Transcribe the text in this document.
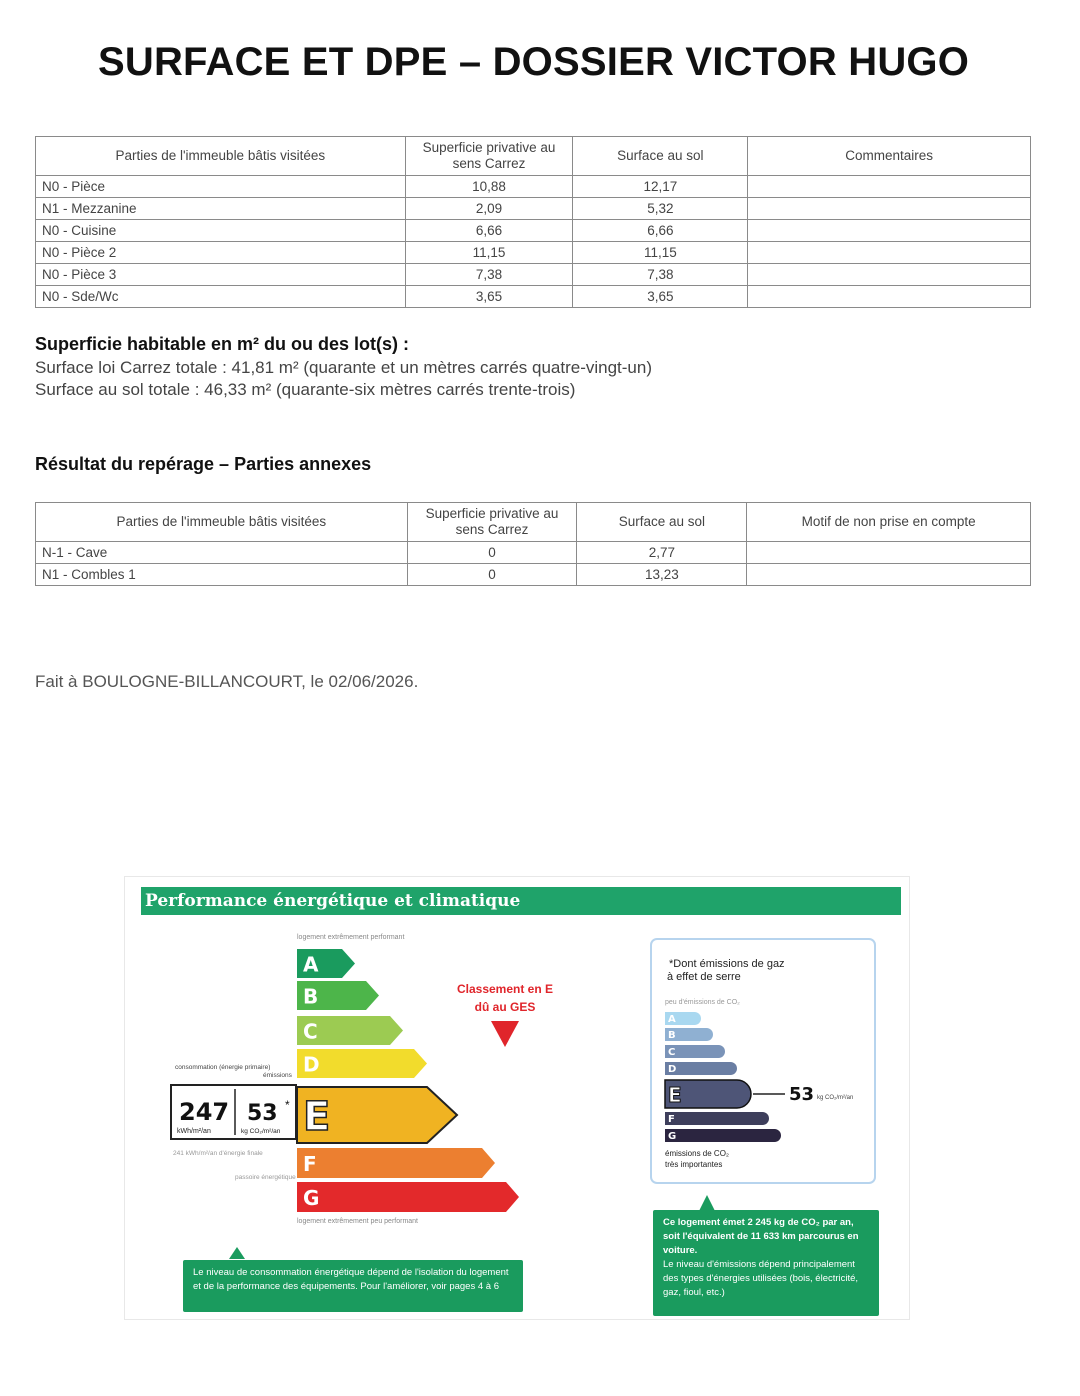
SURFACE ET DPE – DOSSIER VICTOR HUGO
Parties de l'immeuble bâtis visitées	Superficie privative au sens Carrez	Surface au sol	Commentaires
N0 - Pièce	10,88	12,17	
N1 - Mezzanine	2,09	5,32	
N0 - Cuisine	6,66	6,66	
N0 - Pièce 2	11,15	11,15	
N0 - Pièce 3	7,38	7,38	
N0 - Sde/Wc	3,65	3,65	
Superficie habitable en m² du ou des lot(s) :
Surface loi Carrez totale : 41,81 m² (quarante et un mètres carrés quatre-vingt-un)
Surface au sol totale : 46,33 m² (quarante-six mètres carrés trente-trois)
Résultat du repérage – Parties annexes
Parties de l'immeuble bâtis visitées	Superficie privative au sens Carrez	Surface au sol	Motif de non prise en compte
N-1 - Cave	0	2,77	
N1 - Combles 1	0	13,23	
Fait à BOULOGNE-BILLANCOURT, le 02/06/2026.
Performance énergétique et climatique
logement extrêmement performant
A
B
C
D
E
F
G
logement extrêmement peu performant
consommation (énergie primaire)
émissions
247
kWh/m²/an
53 *
kg CO₂/m²/an
241 kWh/m²/an d'énergie finale
passoire énergétique
Classement en E
dû au GES
*Dont émissions de gaz
à effet de serre
peu d'émissions de CO₂
A
B
C
D
E
F
G
émissions de CO₂
très importantes
53 kg CO₂/m²/an
Le niveau de consommation énergétique dépend de l'isolation du logement et de la performance des équipements. Pour l'améliorer, voir pages 4 à 6
Ce logement émet 2 245 kg de CO₂ par an, soit l'équivalent de 11 633 km parcourus en voiture.
Le niveau d'émissions dépend principalement des types d'énergies utilisées (bois, électricité, gaz, fioul, etc.)
